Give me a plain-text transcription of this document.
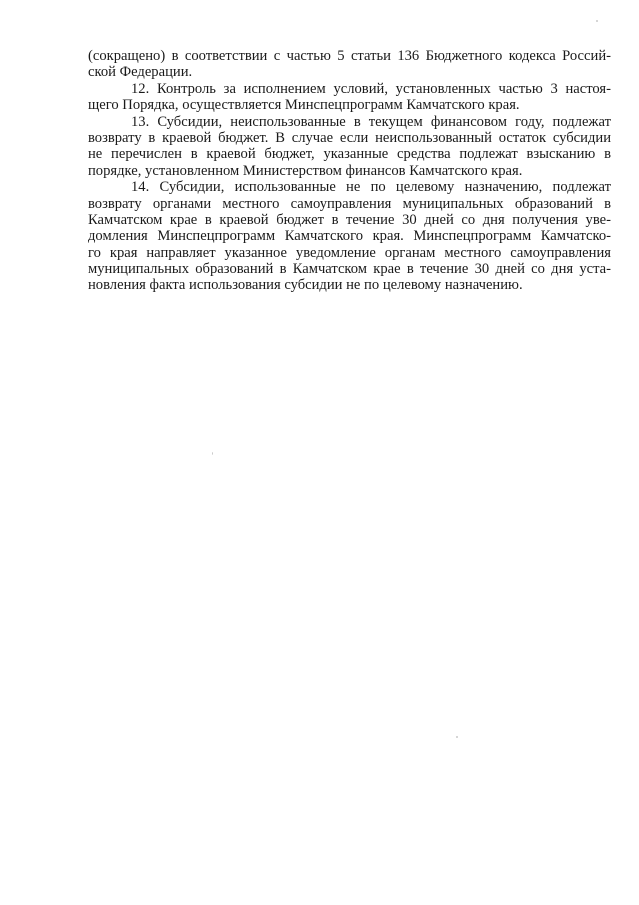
(сокращено) в соответствии с частью 5 статьи 136 Бюджетного кодекса Россий-
ской Федерации.
12. Контроль за исполнением условий, установленных частью 3 настоя-
щего Порядка, осуществляется Минспецпрограмм Камчатского края.
13. Субсидии, неиспользованные в текущем финансовом году, подлежат
возврату в краевой бюджет. В случае если неиспользованный остаток субсидии
не перечислен в краевой бюджет, указанные средства подлежат взысканию в
порядке, установленном Министерством финансов Камчатского края.
14. Субсидии, использованные не по целевому назначению, подлежат
возврату органами местного самоуправления муниципальных образований в
Камчатском крае в краевой бюджет в течение 30 дней со дня получения уве-
домления Минспецпрограмм Камчатского края. Минспецпрограмм Камчатско-
го края направляет указанное уведомление органам местного самоуправления
муниципальных образований в Камчатском крае в течение 30 дней со дня уста-
новления факта использования субсидии не по целевому назначению.
